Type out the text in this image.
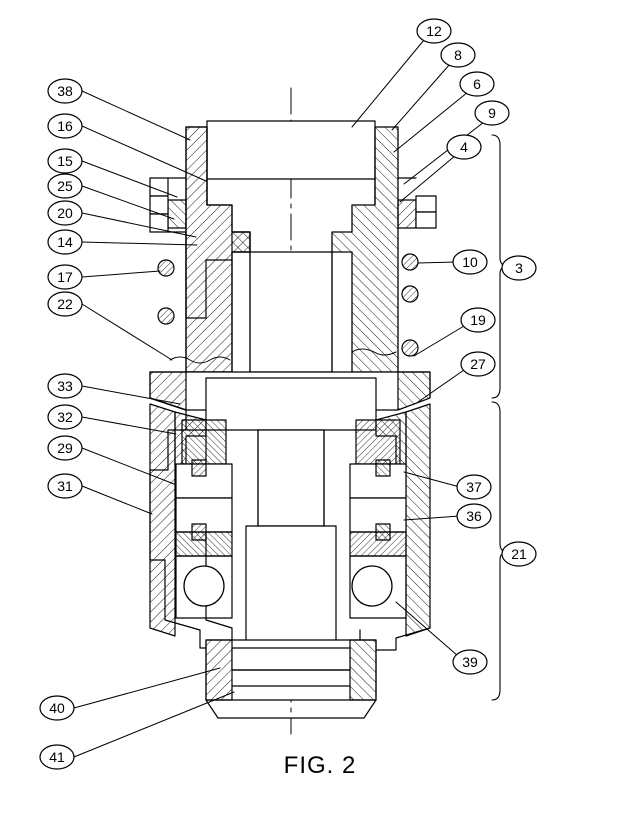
38
16
15
25
20
14
17
22
33
32
29
31
40
41
12
8
6
9
4
10
19
27
37
36
39
3
21
FIG. 2
